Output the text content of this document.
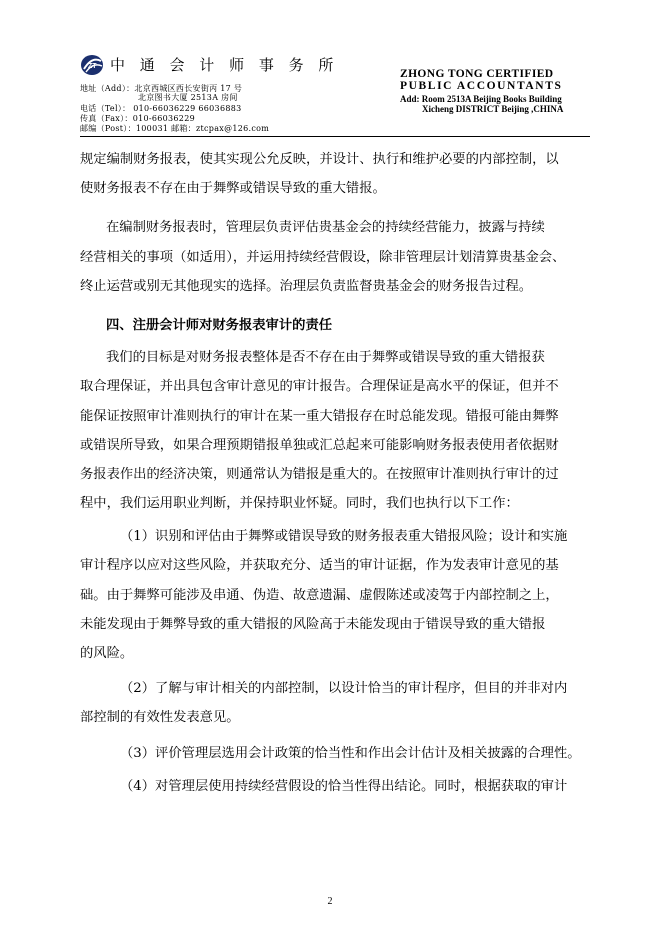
ZT 中 通 会 计 师 事 务 所
地址（Add）：北京西城区西长安街丙 17 号
北京图书大厦 2513A 房间
电话（Tel）： 010-66036229 66036883
传真（Fax）：010-66036229
邮编（Post）：100031 邮箱：ztcpax@126.com
ZHONG TONG CERTIFIED
PUBLIC ACCOUNTANTS
Add: Room 2513A Beijing Books Building
Xicheng DISTRICT Beijing ,CHINA
规定编制财务报表，使其实现公允反映，并设计、执行和维护必要的内部控制，以
使财务报表不存在由于舞弊或错误导致的重大错报。
在编制财务报表时，管理层负责评估贵基金会的持续经营能力，披露与持续
经营相关的事项（如适用），并运用持续经营假设，除非管理层计划清算贵基金会、
终止运营或别无其他现实的选择。治理层负责监督贵基金会的财务报告过程。
四、注册会计师对财务报表审计的责任
我们的目标是对财务报表整体是否不存在由于舞弊或错误导致的重大错报获
取合理保证，并出具包含审计意见的审计报告。合理保证是高水平的保证，但并不
能保证按照审计准则执行的审计在某一重大错报存在时总能发现。错报可能由舞弊
或错误所导致，如果合理预期错报单独或汇总起来可能影响财务报表使用者依据财
务报表作出的经济决策，则通常认为错报是重大的。在按照审计准则执行审计的过
程中，我们运用职业判断，并保持职业怀疑。同时，我们也执行以下工作：
（1）识别和评估由于舞弊或错误导致的财务报表重大错报风险；设计和实施
审计程序以应对这些风险，并获取充分、适当的审计证据，作为发表审计意见的基
础。由于舞弊可能涉及串通、伪造、故意遗漏、虚假陈述或凌驾于内部控制之上，
未能发现由于舞弊导致的重大错报的风险高于未能发现由于错误导致的重大错报
的风险。
（2）了解与审计相关的内部控制，以设计恰当的审计程序，但目的并非对内
部控制的有效性发表意见。
（3）评价管理层选用会计政策的恰当性和作出会计估计及相关披露的合理性。
（4）对管理层使用持续经营假设的恰当性得出结论。同时，根据获取的审计
2
